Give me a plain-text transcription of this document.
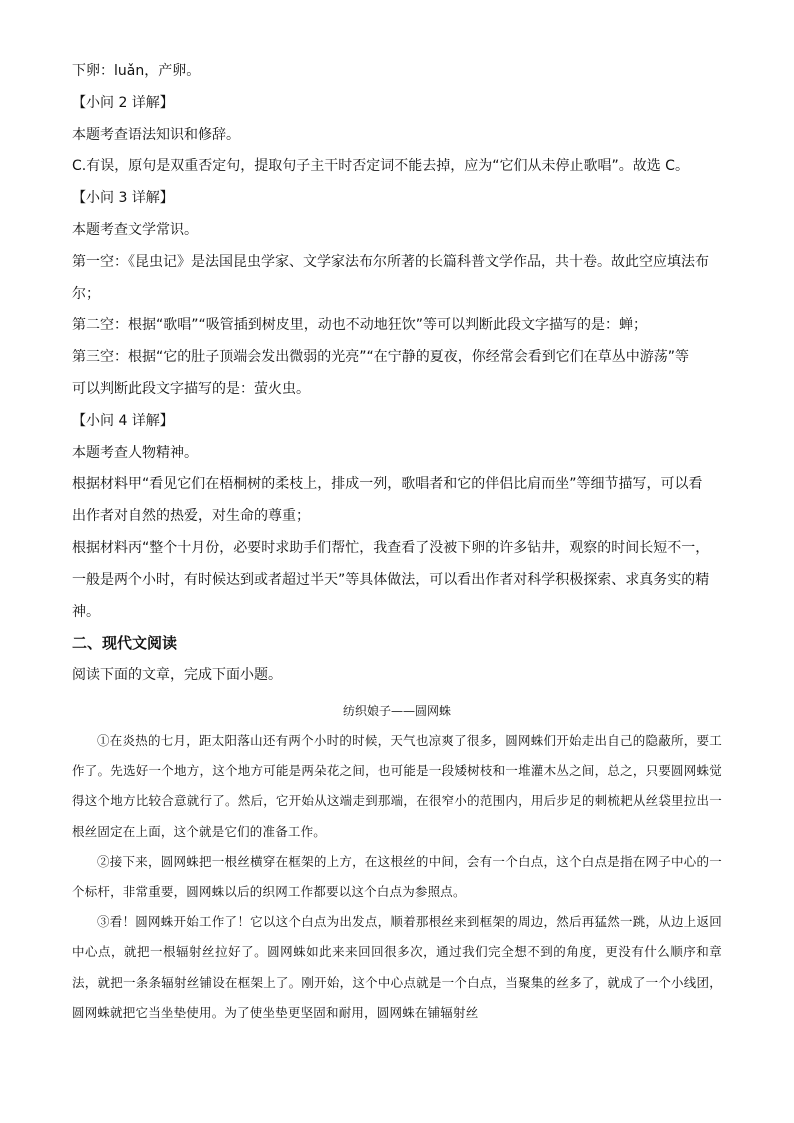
下卵：luǎn，产卵。
【小问 2 详解】
本题考查语法知识和修辞。
C.有误，原句是双重否定句，提取句子主干时否定词不能去掉，应为“它们从未停止歌唱”。故选 C。
【小问 3 详解】
本题考查文学常识。
第一空：《昆虫记》是法国昆虫学家、文学家法布尔所著的长篇科普文学作品，共十卷。故此空应填法布
尔；
第二空：根据“歌唱”“吸管插到树皮里，动也不动地狂饮”等可以判断此段文字描写的是：蝉；
第三空：根据“它的肚子顶端会发出微弱的光亮”“在宁静的夏夜，你经常会看到它们在草丛中游荡”等
可以判断此段文字描写的是：萤火虫。
【小问 4 详解】
本题考查人物精神。
根据材料甲“看见它们在梧桐树的柔枝上，排成一列，歌唱者和它的伴侣比肩而坐”等细节描写，可以看
出作者对自然的热爱，对生命的尊重；
根据材料丙“整个十月份，必要时求助手们帮忙，我查看了没被下卵的许多钻井，观察的时间长短不一，
一般是两个小时，有时候达到或者超过半天”等具体做法，可以看出作者对科学积极探索、求真务实的精
神。
二、现代文阅读
阅读下面的文章，完成下面小题。
纺织娘子——圆网蛛
①在炎热的七月，距太阳落山还有两个小时的时候，天气也凉爽了很多，圆网蛛们开始走出自己的隐蔽所，要工作了。先选好一个地方，这个地方可能是两朵花之间，也可能是一段矮树枝和一堆灌木丛之间，总之，只要圆网蛛觉得这个地方比较合意就行了。然后，它开始从这端走到那端，在很窄小的范围内，用后步足的刺梳耙从丝袋里拉出一根丝固定在上面，这个就是它们的准备工作。
②接下来，圆网蛛把一根丝横穿在框架的上方，在这根丝的中间，会有一个白点，这个白点是指在网子中心的一个标杆，非常重要，圆网蛛以后的织网工作都要以这个白点为参照点。
③看！圆网蛛开始工作了！它以这个白点为出发点，顺着那根丝来到框架的周边，然后再猛然一跳，从边上返回中心点，就把一根辐射丝拉好了。圆网蛛如此来来回回很多次，通过我们完全想不到的角度，更没有什么顺序和章法，就把一条条辐射丝铺设在框架上了。刚开始，这个中心点就是一个白点，当聚集的丝多了，就成了一个小线团，圆网蛛就把它当坐垫使用。为了使坐垫更坚固和耐用，圆网蛛在铺辐射丝
